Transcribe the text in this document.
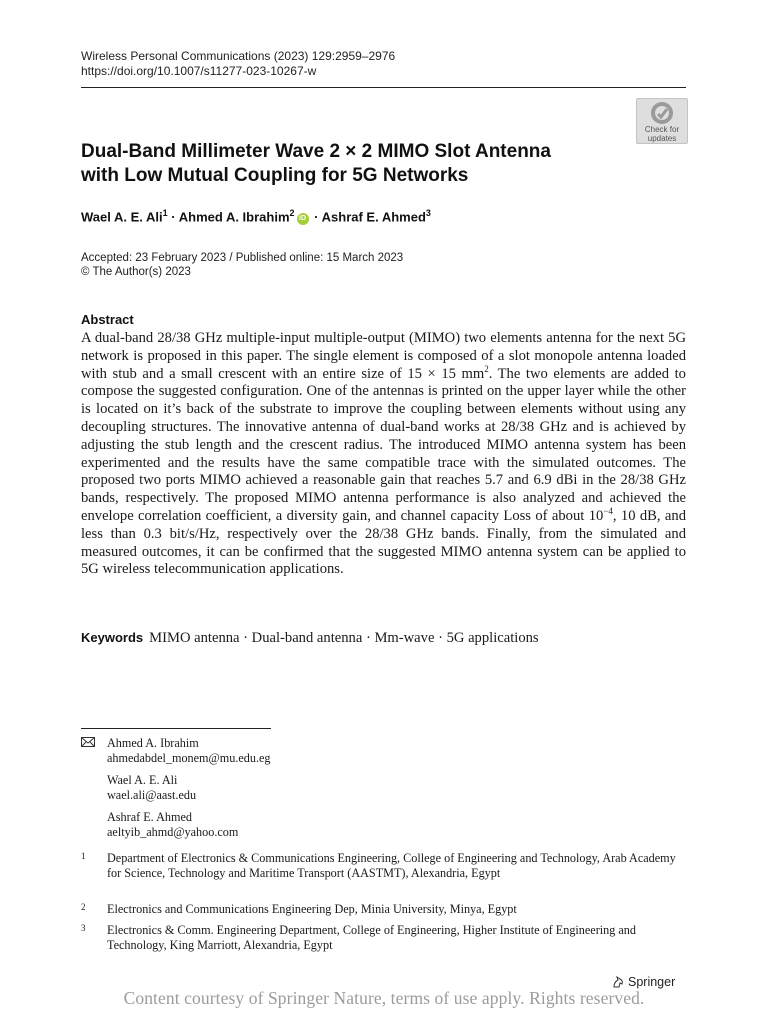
Wireless Personal Communications (2023) 129:2959–2976
https://doi.org/10.1007/s11277-023-10267-w
Check for
updates
Dual-Band Millimeter Wave 2 × 2 MIMO Slot Antenna
with Low Mutual Coupling for 5G Networks
Wael A. E. Ali$^1$ · Ahmed A. Ibrahim$^2$iD · Ashraf E. Ahmed$^3$
Accepted: 23 February 2023 / Published online: 15 March 2023
© The Author(s) 2023
Abstract

A dual-band 28/38 GHz multiple-input multiple-output (MIMO) two elements antenna for the next 5G network is proposed in this paper. The single element is composed of a slot monopole antenna loaded with stub and a small crescent with an entire size of 15 × 15 $mm^2$. The two elements are added to compose the suggested configuration. One of the antennas is printed on the upper layer while the other is located on it’s back of the substrate to improve the coupling between elements without using any decoupling structures. The innovative antenna of dual-band works at 28/38 GHz and is achieved by adjusting the stub length and the crescent radius. The introduced MIMO antenna system has been experimented and the results have the same compatible trace with the simulated outcomes. The proposed two ports MIMO achieved a reasonable gain that reaches 5.7 and 6.9 dBi in the 28/38 GHz bands, respectively. The proposed MIMO antenna performance is also analyzed and achieved the envelope correlation coefficient, a diversity gain, and channel capacity Loss of about $10^{-4}$, 10 dB, and less than 0.3 bit/s/Hz, respectively over the 28/38 GHz bands. Finally, from the simulated and measured outcomes, it can be confirmed that the suggested MIMO antenna system can be applied to 5G wireless telecommunication applications.

Keywords MIMO antenna · Dual-band antenna · Mm-wave · 5G applications
Ahmed A. Ibrahim
ahmedabdel_monem@mu.edu.eg
Wael A. E. Ali
wael.ali@aast.edu
Ashraf E. Ahmed
aeltyib_ahmd@yahoo.com
1 Department of Electronics & Communications Engineering, College of Engineering and Technology, Arab Academy for Science, Technology and Maritime Transport (AASTMT), Alexandria, Egypt
2 Electronics and Communications Engineering Dep, Minia University, Minya, Egypt
3 Electronics & Comm. Engineering Department, College of Engineering, Higher Institute of Engineering and Technology, King Marriott, Alexandria, Egypt
Springer
Content courtesy of Springer Nature, terms of use apply. Rights reserved.
